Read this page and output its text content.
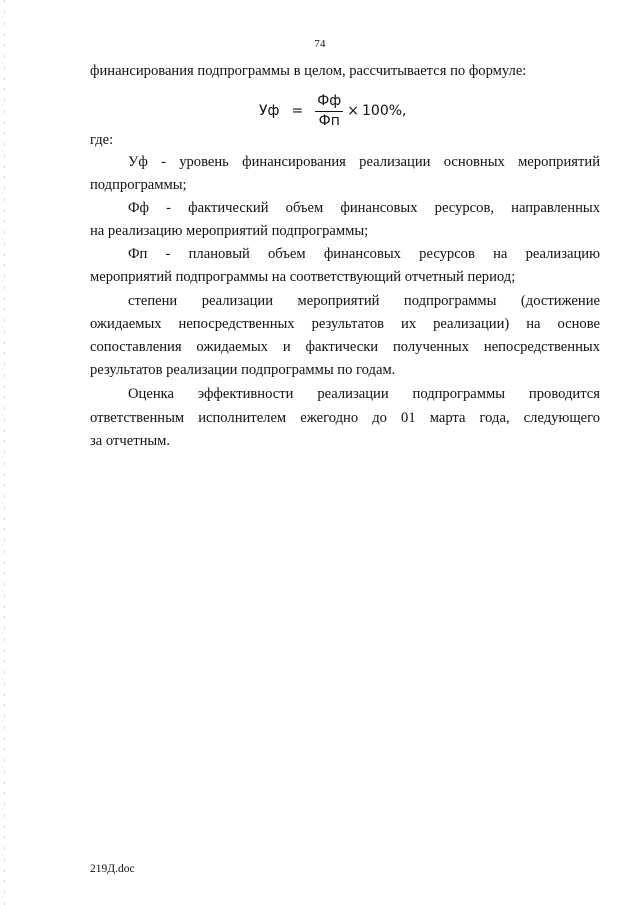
74
финансирования подпрограммы в целом, рассчитывается по формуле:
Уф = $\frac{Фф}{Фп} \times 100\%$,
где:
Уф - уровень финансирования реализации основных мероприятий
подпрограммы;
Фф - фактический объем финансовых ресурсов, направленных
на реализацию мероприятий подпрограммы;
Фп - плановый объем финансовых ресурсов на реализацию
мероприятий подпрограммы на соответствующий отчетный период;
степени реализации мероприятий подпрограммы (достижение
ожидаемых непосредственных результатов их реализации) на основе
сопоставления ожидаемых и фактически полученных непосредственных
результатов реализации подпрограммы по годам.
Оценка эффективности реализации подпрограммы проводится
ответственным исполнителем ежегодно до 01 марта года, следующего
за отчетным.
219Д.doc
